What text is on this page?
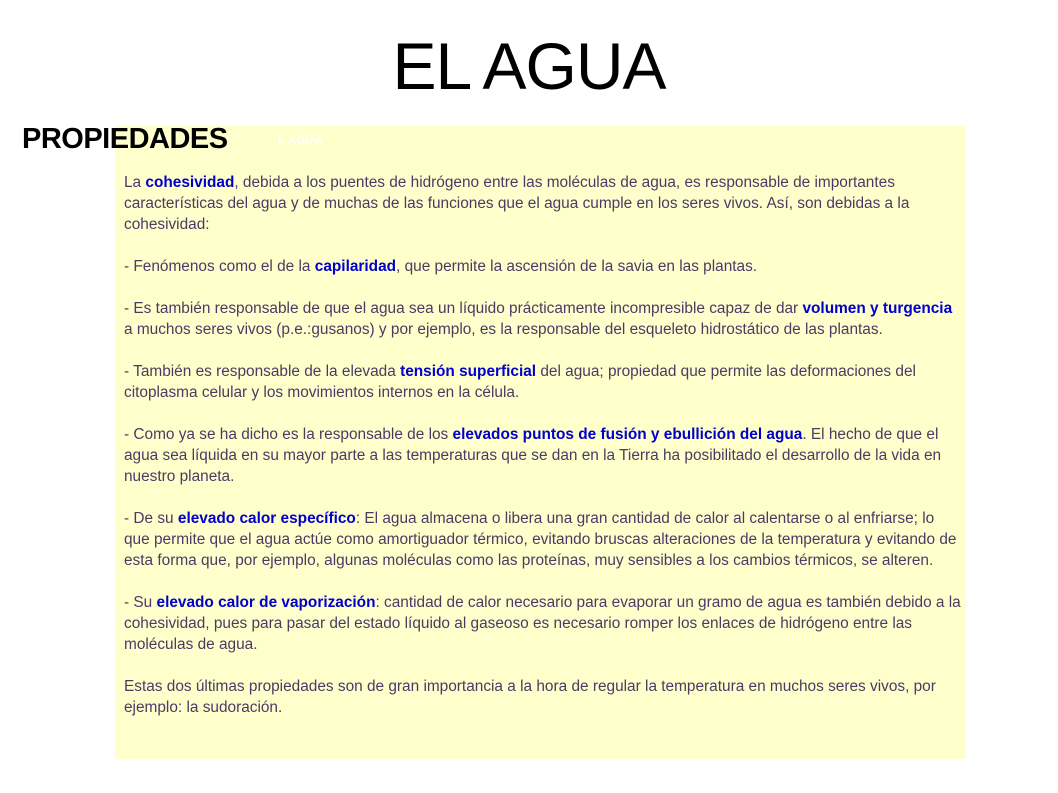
EL AGUA
L AGUA
PROPIEDADES

La cohesividad, debida a los puentes de hidrógeno entre las moléculas de agua, es responsable de importantes características del agua y de muchas de las funciones que el agua cumple en los seres vivos. Así, son debidas a la cohesividad:

- Fenómenos como el de la capilaridad, que permite la ascensión de la savia en las plantas.

- Es también responsable de que el agua sea un líquido prácticamente incompresible capaz de dar volumen y turgencia a muchos seres vivos (p.e.:gusanos) y por ejemplo, es la responsable del esqueleto hidrostático de las plantas.

- También es responsable de la elevada tensión superficial del agua; propiedad que permite las deformaciones del citoplasma celular y los movimientos internos en la célula.

- Como ya se ha dicho es la responsable de los elevados puntos de fusión y ebullición del agua. El hecho de que el agua sea líquida en su mayor parte a las temperaturas que se dan en la Tierra ha posibilitado el desarrollo de la vida en nuestro planeta.

- De su elevado calor específico: El agua almacena o libera una gran cantidad de calor al calentarse o al enfriarse; lo que permite que el agua actúe como amortiguador térmico, evitando bruscas alteraciones de la temperatura y evitando de esta forma que, por ejemplo, algunas moléculas como las proteínas, muy sensibles a los cambios térmicos, se alteren.

- Su elevado calor de vaporización: cantidad de calor necesario para evaporar un gramo de agua es también debido a la cohesividad, pues para pasar del estado líquido al gaseoso es necesario romper los enlaces de hidrógeno entre las moléculas de agua.

Estas dos últimas propiedades son de gran importancia a la hora de regular la temperatura en muchos seres vivos, por ejemplo: la sudoración.
